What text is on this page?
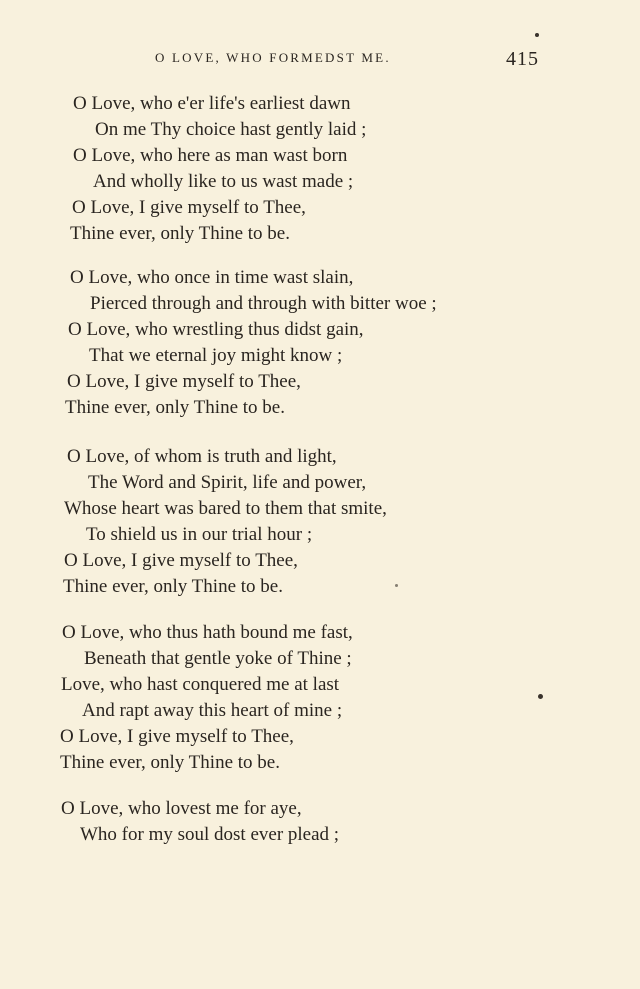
O LOVE, WHO FORMEDST ME.	415
O Love, who e'er life's earliest dawn
On me Thy choice hast gently laid ;
O Love, who here as man wast born
And wholly like to us wast made ;
O Love, I give myself to Thee,
Thine ever, only Thine to be.
O Love, who once in time wast slain,
Pierced through and through with bitter woe ;
O Love, who wrestling thus didst gain,
That we eternal joy might know ;
O Love, I give myself to Thee,
Thine ever, only Thine to be.
O Love, of whom is truth and light,
The Word and Spirit, life and power,
Whose heart was bared to them that smite,
To shield us in our trial hour ;
O Love, I give myself to Thee,
Thine ever, only Thine to be.
O Love, who thus hath bound me fast,
Beneath that gentle yoke of Thine ;
Love, who hast conquered me at last
And rapt away this heart of mine ;
O Love, I give myself to Thee,
Thine ever, only Thine to be.
O Love, who lovest me for aye,
Who for my soul dost ever plead ;
